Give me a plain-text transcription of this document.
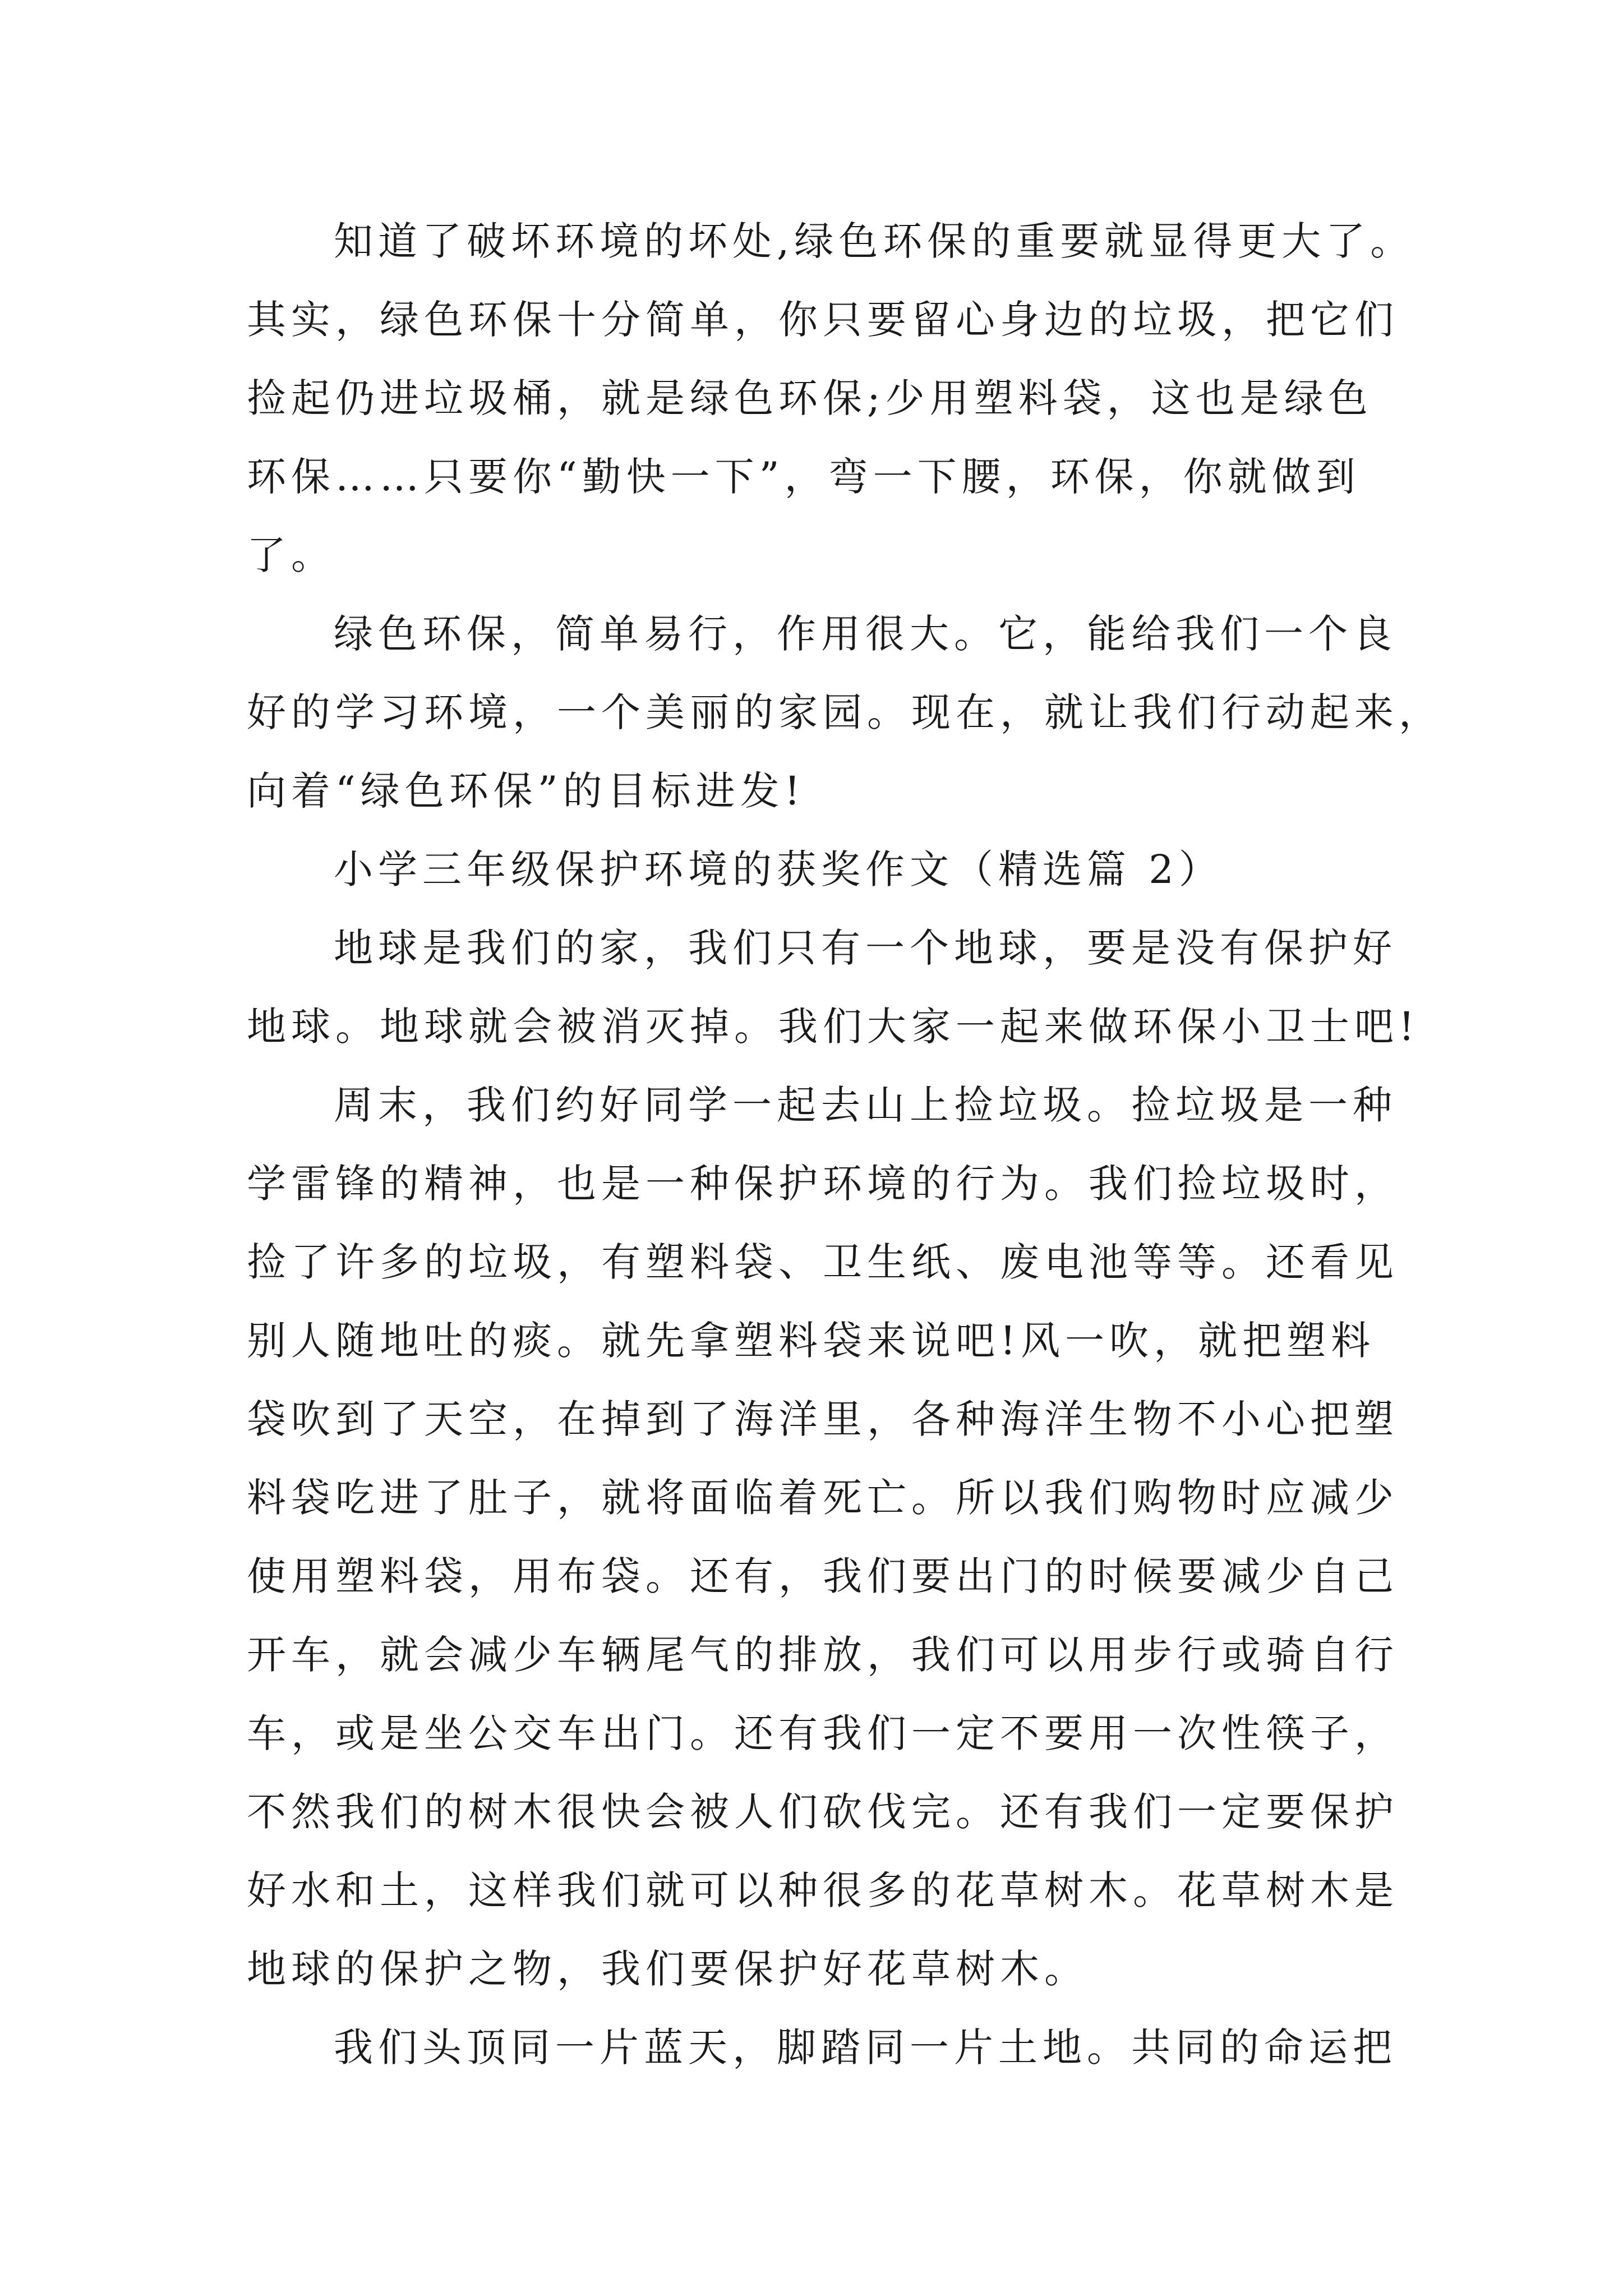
知道了破坏环境的坏处,绿色环保的重要就显得更大了。
其实，绿色环保十分简单，你只要留心身边的垃圾，把它们
捡起仍进垃圾桶，就是绿色环保;少用塑料袋，这也是绿色
环保……只要你“勤快一下”，弯一下腰，环保，你就做到
了。
绿色环保，简单易行，作用很大。它，能给我们一个良
好的学习环境，一个美丽的家园。现在，就让我们行动起来，
向着“绿色环保”的目标进发!
小学三年级保护环境的获奖作文（精选篇 2）
地球是我们的家，我们只有一个地球，要是没有保护好
地球。地球就会被消灭掉。我们大家一起来做环保小卫士吧!
周末，我们约好同学一起去山上捡垃圾。捡垃圾是一种
学雷锋的精神，也是一种保护环境的行为。我们捡垃圾时，
捡了许多的垃圾，有塑料袋、卫生纸、废电池等等。还看见
别人随地吐的痰。就先拿塑料袋来说吧!风一吹，就把塑料
袋吹到了天空，在掉到了海洋里，各种海洋生物不小心把塑
料袋吃进了肚子，就将面临着死亡。所以我们购物时应减少
使用塑料袋，用布袋。还有，我们要出门的时候要减少自己
开车，就会减少车辆尾气的排放，我们可以用步行或骑自行
车，或是坐公交车出门。还有我们一定不要用一次性筷子，
不然我们的树木很快会被人们砍伐完。还有我们一定要保护
好水和土，这样我们就可以种很多的花草树木。花草树木是
地球的保护之物，我们要保护好花草树木。
我们头顶同一片蓝天，脚踏同一片土地。共同的命运把
